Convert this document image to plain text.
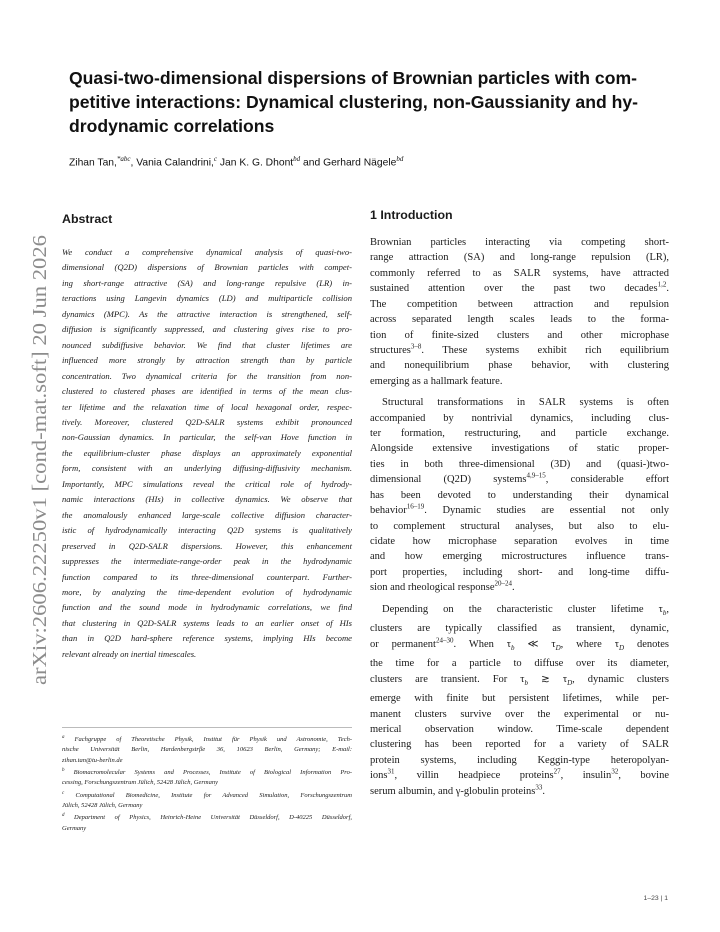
Quasi-two-dimensional dispersions of Brownian particles with com-
petitive interactions: Dynamical clustering, non-Gaussianity and hy-
drodynamic correlations
Zihan Tan,$^{*abc}$, Vania Calandrini,$^c$ Jan K. G. Dhont$^{bd}$ and Gerhard Nägele$^{bd}$
arXiv:2606.22250v1 [cond-mat.soft] 20 Jun 2026
Abstract
We conduct a comprehensive dynamical analysis of quasi-two-
dimensional (Q2D) dispersions of Brownian particles with compet-
ing short-range attractive (SA) and long-range repulsive (LR) in-
teractions using Langevin dynamics (LD) and multiparticle collision
dynamics (MPC). As the attractive interaction is strengthened, self-
diffusion is significantly suppressed, and clustering gives rise to pro-
nounced subdiffusive behavior. We find that cluster lifetimes are
influenced more strongly by attraction strength than by particle
concentration. Two dynamical criteria for the transition from non-
clustered to clustered phases are identified in terms of the mean clus-
ter lifetime and the relaxation time of local hexagonal order, respec-
tively. Moreover, clustered Q2D-SALR systems exhibit pronounced
non-Gaussian dynamics. In particular, the self-van Hove function in
the equilibrium-cluster phase displays an approximately exponential
form, consistent with an underlying diffusing-diffusivity mechanism.
Importantly, MPC simulations reveal the critical role of hydrody-
namic interactions (HIs) in collective dynamics. We observe that
the anomalously enhanced large-scale collective diffusion character-
istic of hydrodynamically interacting Q2D systems is qualitatively
preserved in Q2D-SALR dispersions. However, this enhancement
suppresses the intermediate-range-order peak in the hydrodynamic
function compared to its three-dimensional counterpart. Further-
more, by analyzing the time-dependent evolution of hydrodynamic
function and the sound mode in hydrodynamic correlations, we find
that clustering in Q2D-SALR systems leads to an earlier onset of HIs
than in Q2D hard-sphere reference systems, implying HIs become
relevant already on inertial timescales.
$^a$ Fachgruppe of Theoretische Physik, Institut für Physik und Astronomie, Tech-
nische Universität Berlin, Hardenbergstrβe 36, 10623 Berlin, Germany; E-mail:
zihan.tan@tu-berlin.de
$^b$ Biomacromolecular Systems and Processes, Institute of Biological Information Pro-
cessing, Forschungszentrum Jülich, 52428 Jülich, Germany
$^c$ Computational Biomedicine, Institute for Advanced Simulation, Forschungszentrum
Jülich, 52428 Jülich, Germany
$^d$ Department of Physics, Heinrich-Heine Universität Düsseldorf, D-40225 Düsseldorf,
Germany
1 Introduction
Brownian particles interacting via competing short-
range attraction (SA) and long-range repulsion (LR),
commonly referred to as SALR systems, have attracted
sustained attention over the past two decades$^{1,2}$.
The competition between attraction and repulsion
across separated length scales leads to the forma-
tion of finite-sized clusters and other microphase
structures$^{3-8}$. These systems exhibit rich equilibrium
and nonequilibrium phase behavior, with clustering
emerging as a hallmark feature.
Structural transformations in SALR systems is often
accompanied by nontrivial dynamics, including clus-
ter formation, restructuring, and particle exchange.
Alongside extensive investigations of static proper-
ties in both three-dimensional (3D) and (quasi-)two-
dimensional (Q2D) systems$^{4,9-15}$, considerable effort
has been devoted to understanding their dynamical
behavior$^{16-19}$. Dynamic studies are essential not only
to complement structural analyses, but also to elu-
cidate how microphase separation evolves in time
and how emerging microstructures influence trans-
port properties, including short- and long-time diffu-
sion and rheological response$^{20-24}$.
Depending on the characteristic cluster lifetime $\tau_b$,
clusters are typically classified as transient, dynamic,
or permanent$^{24-30}$. When $\tau_b$ ≪ $\tau_D$, where $\tau_D$ denotes
the time for a particle to diffuse over its diameter,
clusters are transient. For $\tau_b$ ≳ $\tau_D$, dynamic clusters
emerge with finite but persistent lifetimes, while per-
manent clusters survive over the experimental or nu-
merical observation window. Time-scale dependent
clustering has been reported for a variety of SALR
protein systems, including Keggin-type heteropolyan-
ions$^{31}$, villin headpiece proteins$^{27}$, insulin$^{32}$, bovine
serum albumin, and γ-globulin proteins$^{33}$.
1–23 | 1
